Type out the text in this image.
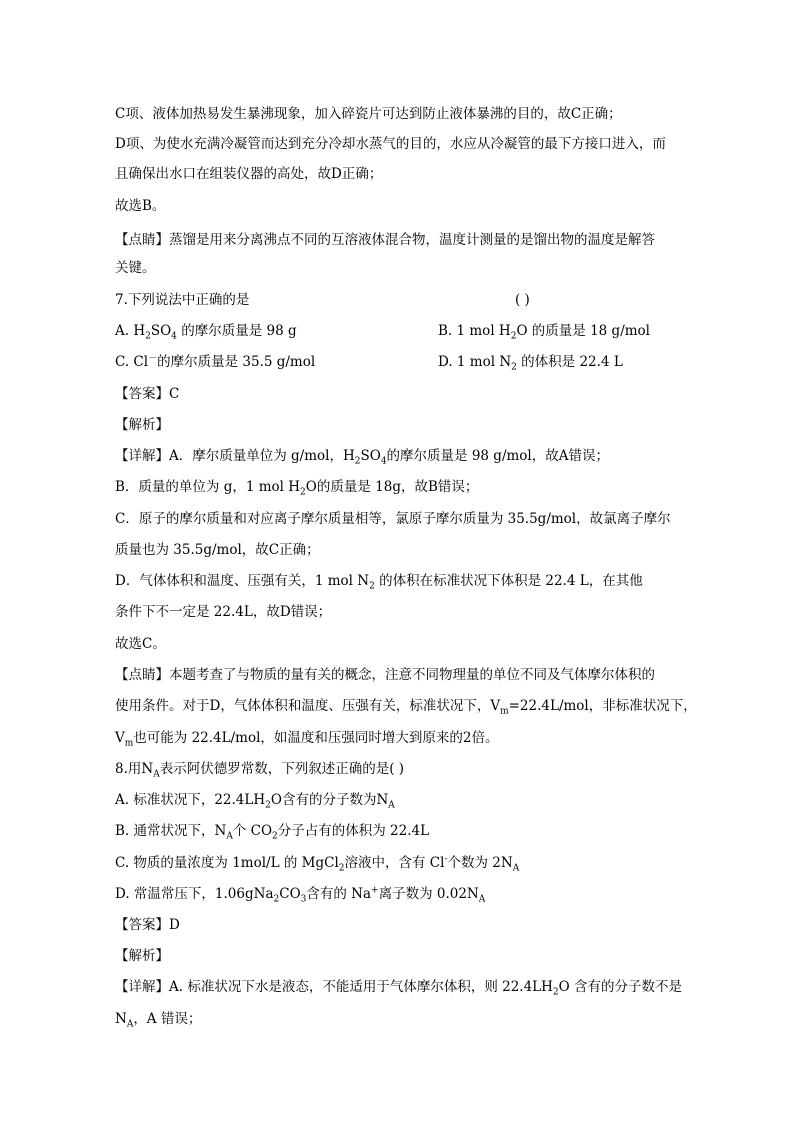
C项、液体加热易发生暴沸现象，加入碎瓷片可达到防止液体暴沸的目的，故C正确；
D项、为使水充满冷凝管而达到充分冷却水蒸气的目的，水应从冷凝管的最下方接口进入，而
且确保出水口在组装仪器的高处，故D正确；
故选B。
【点睛】蒸馏是用来分离沸点不同的互溶液体混合物，温度计测量的是馏出物的温度是解答
关键。
7.下列说法中正确的是	( )
A. $H_2SO_4$ 的摩尔质量是 98 g	B. 1 mol $H_2O$ 的质量是 18 g/mol
C. Cl－的摩尔质量是 35.5 g/mol	D. 1 mol $N_2$ 的体积是 22.4 L
【答案】C
【解析】
【详解】A．摩尔质量单位为 g/mol，$H_2SO_4$的摩尔质量是 98 g/mol，故A错误；
B．质量的单位为 g，1 mol $H_2O$的质量是 18g，故B错误；
C．原子的摩尔质量和对应离子摩尔质量相等，氯原子摩尔质量为 35.5g/mol，故氯离子摩尔
质量也为 35.5g/mol，故C正确；
D．气体体积和温度、压强有关，1 mol $N_2$ 的体积在标准状况下体积是 22.4 L，在其他
条件下不一定是 22.4L，故D错误；
故选C。
【点睛】本题考查了与物质的量有关的概念，注意不同物理量的单位不同及气体摩尔体积的
使用条件。对于D，气体体积和温度、压强有关，标准状况下，$V_m=22.4L$/mol，非标准状况下，
$V_m$也可能为 22.4L/mol，如温度和压强同时增大到原来的2倍。
8.用$N_A$表示阿伏德罗常数，下列叙述正确的是( )
A. 标准状况下，$22.4LH_2O$含有的分子数为$N_A$
B. 通常状况下，$N_A$个 $CO_2$分子占有的体积为 22.4L
C. 物质的量浓度为 1mol/L 的 MgCl$_2$溶液中，含有 Cl-个数为 $2N_A$
D. 常温常压下，$1.06gNa_2CO_3$含有的 Na+离子数为 $0.02N_A$
【答案】D
【解析】
【详解】A. 标准状况下水是液态，不能适用于气体摩尔体积，则 $22.4LH_2O$ 含有的分子数不是
$N_A$，A 错误；
